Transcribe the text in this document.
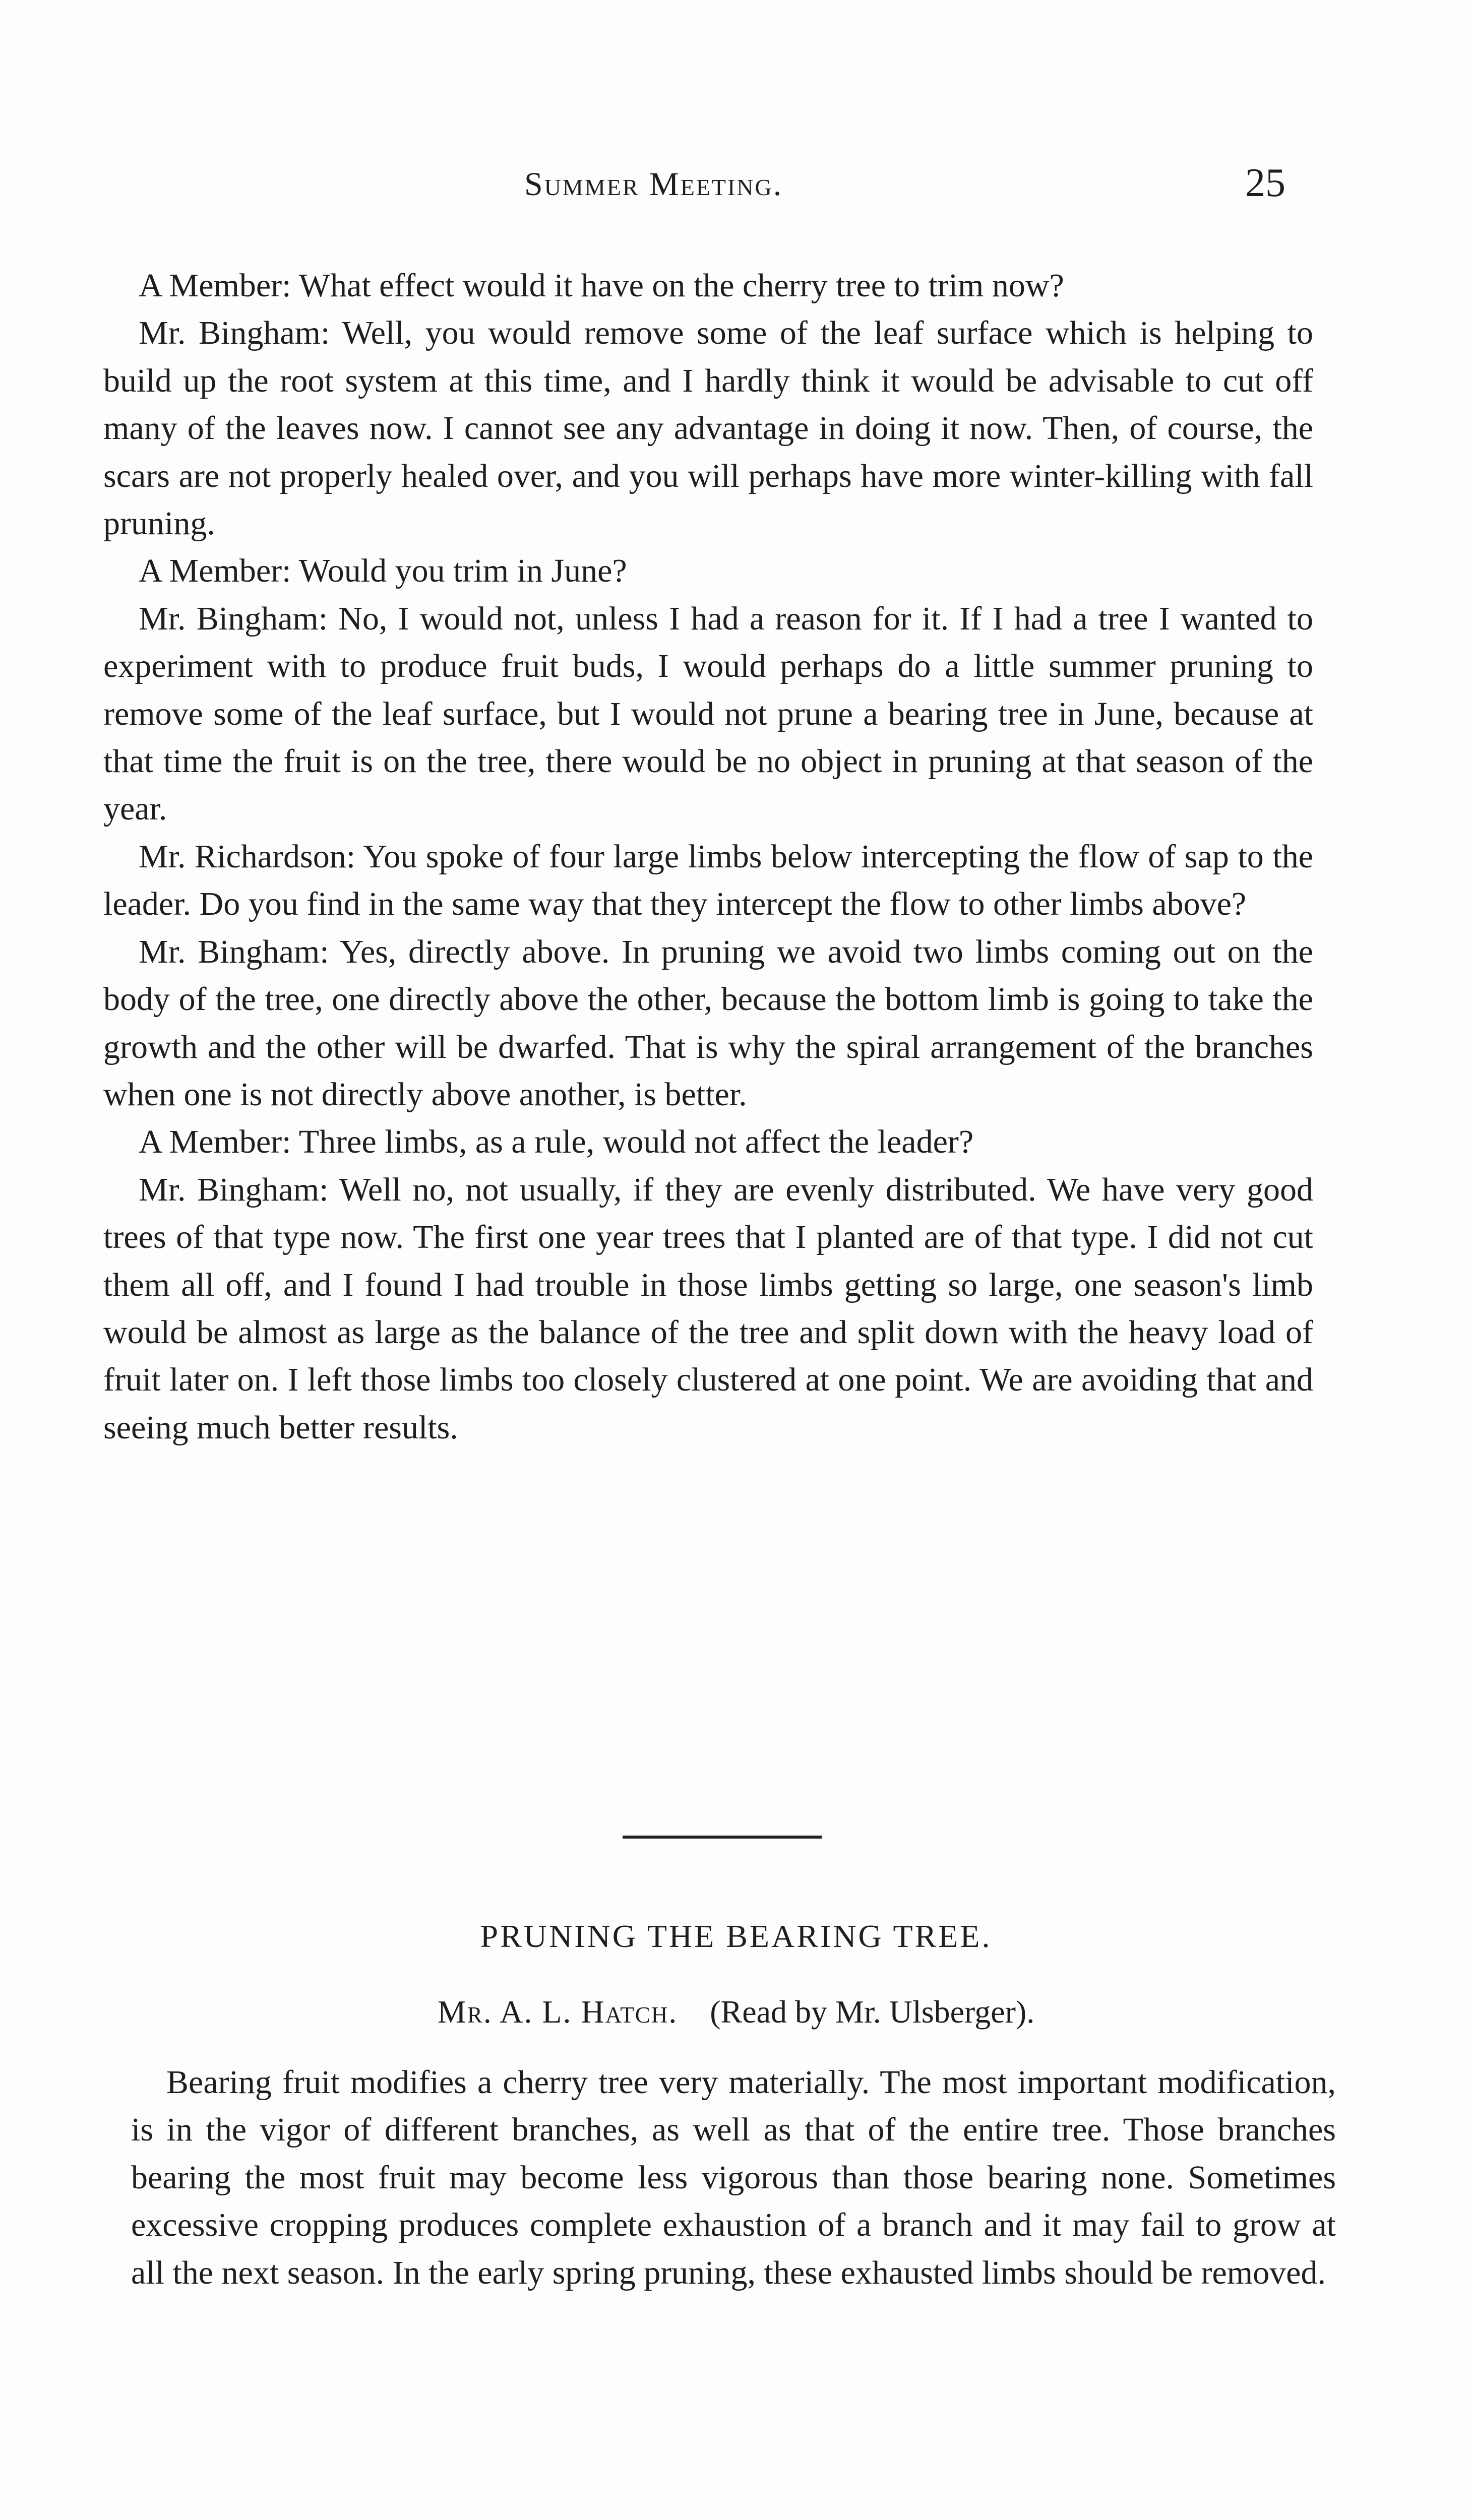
Summer Meeting.	25

A Member: What effect would it have on the cherry tree to trim now?

Mr. Bingham: Well, you would remove some of the leaf surface which is helping to build up the root system at this time, and I hardly think it would be advisable to cut off many of the leaves now. I cannot see any advantage in doing it now. Then, of course, the scars are not properly healed over, and you will perhaps have more winter-killing with fall pruning.

A Member: Would you trim in June?

Mr. Bingham: No, I would not, unless I had a reason for it. If I had a tree I wanted to experiment with to produce fruit buds, I would perhaps do a little summer pruning to remove some of the leaf surface, but I would not prune a bearing tree in June, because at that time the fruit is on the tree, there would be no object in pruning at that season of the year.

Mr. Richardson: You spoke of four large limbs below intercepting the flow of sap to the leader. Do you find in the same way that they intercept the flow to other limbs above?

Mr. Bingham: Yes, directly above. In pruning we avoid two limbs coming out on the body of the tree, one directly above the other, because the bottom limb is going to take the growth and the other will be dwarfed. That is why the spiral arrangement of the branches when one is not directly above another, is better.

A Member: Three limbs, as a rule, would not affect the leader?

Mr. Bingham: Well no, not usually, if they are evenly distributed. We have very good trees of that type now. The first one year trees that I planted are of that type. I did not cut them all off, and I found I had trouble in those limbs getting so large, one season's limb would be almost as large as the balance of the tree and split down with the heavy load of fruit later on. I left those limbs too closely clustered at one point. We are avoiding that and seeing much better results.

PRUNING THE BEARING TREE.
Mr. A. L. Hatch. (Read by Mr. Ulsberger).

Bearing fruit modifies a cherry tree very materially. The most important modification, is in the vigor of different branches, as well as that of the entire tree. Those branches bearing the most fruit may become less vigorous than those bearing none. Sometimes excessive cropping produces complete exhaustion of a branch and it may fail to grow at all the next season. In the early spring pruning, these exhausted limbs should be removed.
